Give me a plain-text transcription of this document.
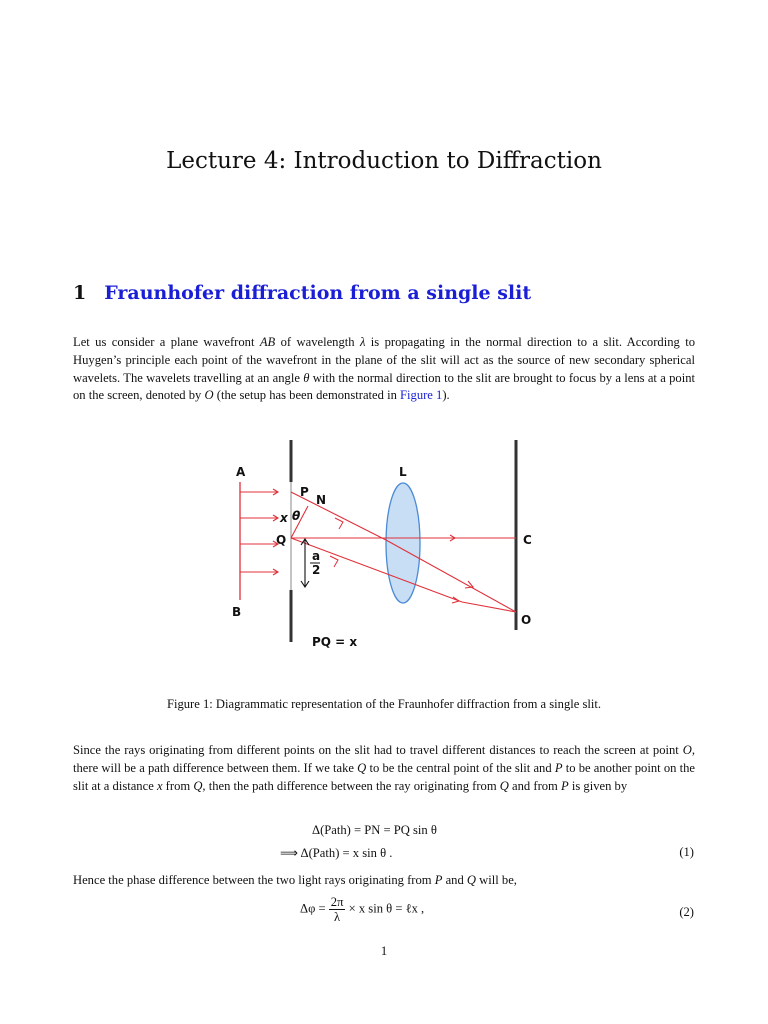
Lecture 4: Introduction to Diffraction
1 Fraunhofer diffraction from a single slit

Let us consider a plane wavefront AB of wavelength λ is propagating in the normal direction to a slit. According to Huygen’s principle each point of the wavefront in the plane of the slit will act as the source of new secondary spherical wavelets. The wavelets travelling at an angle θ with the normal direction to the slit are brought to focus by a lens at a point on the screen, denoted by O (the setup has been demonstrated in Figure 1).

A
B
P
N
Q
x θ
a
2
L
C
O
PQ = x

Figure 1: Diagrammatic representation of the Fraunhofer diffraction from a single slit.

Since the rays originating from different points on the slit had to travel different distances to reach the screen at point O, there will be a path difference between them. If we take Q to be the central point of the slit and P to be another point on the slit at a distance x from Q, then the path difference between the ray originating from Q and from P is given by

Δ(Path) = PN = PQ sin θ
⟹ Δ(Path) = x sin θ .	(1)

Hence the phase difference between the two light rays originating from P and Q will be,

$\Delta\varphi = \frac{2\pi}{\lambda} \times x$ sin θ = ℓx ,	(2)
1
